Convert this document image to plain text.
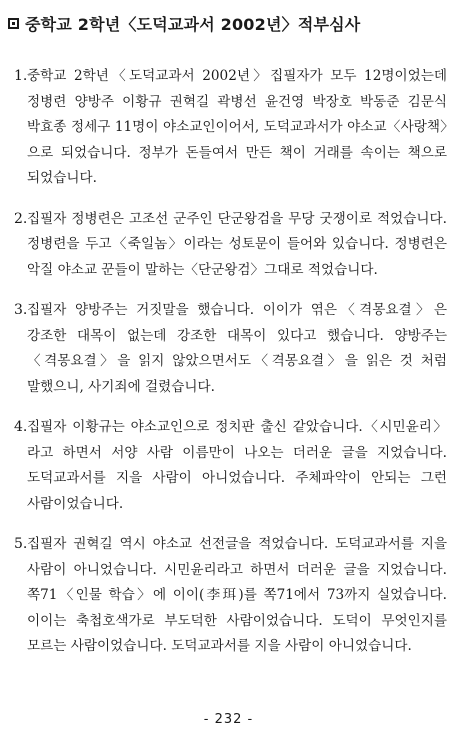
중학교 2학년〈도덕교과서 2002년〉적부심사
1. 중학교 2학년〈도덕교과서 2002년〉집필자가 모두 12명이었는데 정병련 양방주 이황규 권혁길 곽병선 윤건영 박장호 박동준 김문식 박효종 정세구 11명이 야소교인이어서, 도덕교과서가 야소교〈사랑책〉으로 되었습니다. 정부가 돈들여서 만든 책이 거래를 속이는 책으로 되었습니다.
2. 집필자 정병련은 고조선 군주인 단군왕검을 무당 굿쟁이로 적었습니다. 정병련을 두고〈죽일놈〉이라는 성토문이 들어와 있습니다. 정병련은 악질 야소교 꾼들이 말하는〈단군왕검〉그대로 적었습니다.
3. 집필자 양방주는 거짓말을 했습니다. 이이가 엮은〈격몽요결〉은 강조한 대목이 없는데 강조한 대목이 있다고 했습니다. 양방주는〈격몽요결〉을 읽지 않았으면서도〈격몽요결〉을 읽은 것 처럼 말했으니, 사기죄에 걸렸습니다.
4. 집필자 이황규는 야소교인으로 정치판 출신 같았습니다.〈시민윤리〉라고 하면서 서양 사람 이름만이 나오는 더러운 글을 지었습니다. 도덕교과서를 지을 사람이 아니었습니다. 주체파악이 안되는 그런 사람이었습니다.
5. 집필자 권혁길 역시 야소교 선전글을 적었습니다. 도덕교과서를 지을 사람이 아니었습니다. 시민윤리라고 하면서 더러운 글을 지었습니다. 쪽71〈인물 학습〉에 이이(李珥)를 쪽71에서 73까지 실었습니다. 이이는 축첩호색가로 부도덕한 사람이었습니다. 도덕이 무엇인지를 모르는 사람이었습니다. 도덕교과서를 지을 사람이 아니었습니다.
- 232 -
